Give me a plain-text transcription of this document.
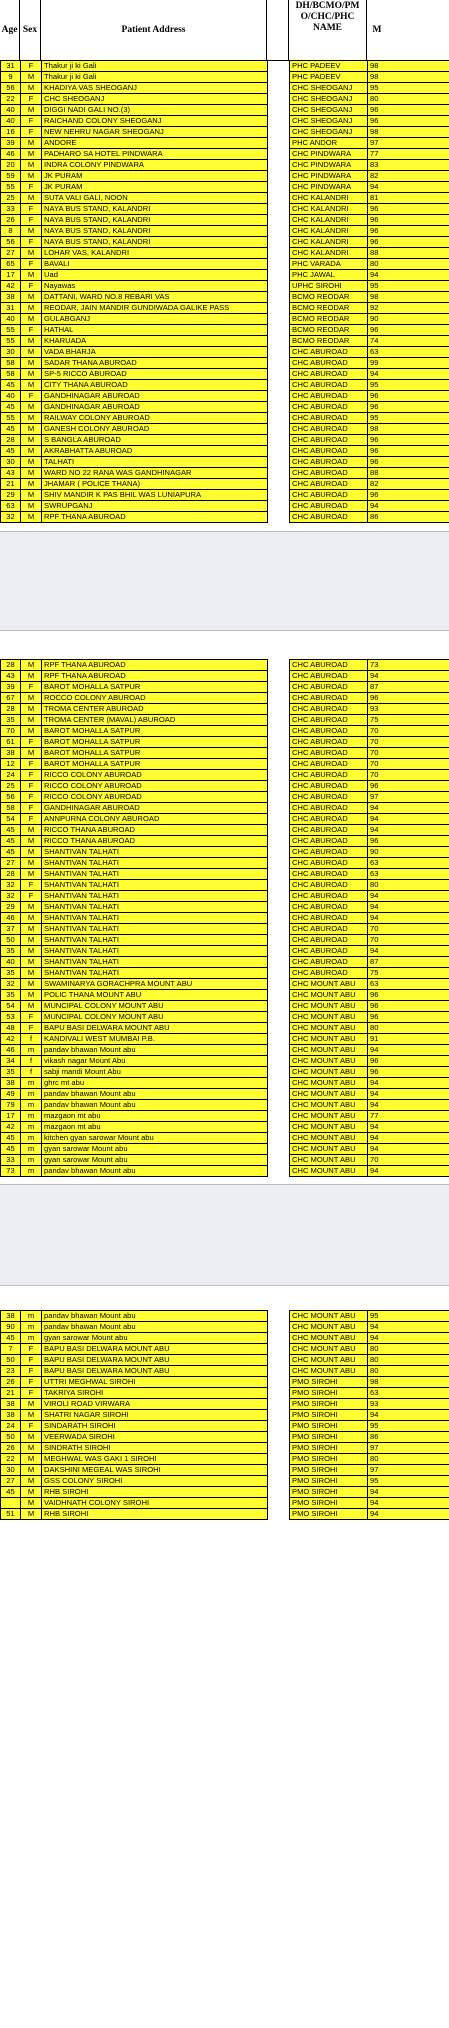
Age Sex	Patient Address
DH/BCMO/PM O/CHC/PHC NAME	M
31	F	Thakur ji ki Gali		PHC PADEEV	98
9	M	Thakur ji ki Gali		PHC PADEEV	98
56	M	KHADIYA VAS SHEOGANJ		CHC SHEOGANJ	95
22	F	CHC SHEOGANJ		CHC SHEOGANJ	80
40	M	DIGGI NADI GALI NO.(3)		CHC SHEOGANJ	96
40	F	RAICHAND COLONY SHEOGANJ		CHC SHEOGANJ	96
16	F	NEW NEHRU NAGAR SHEOGANJ		CHC SHEOGANJ	98
39	M	ANDORE		PHC ANDOR	97
46	M	PADHARO SA HOTEL PINDWARA		CHC PINDWARA	77
20	M	INDRA COLONY PINDWARA		CHC PINDWARA	83
59	M	JK PURAM		CHC PINDWARA	82
55	F	JK PURAM		CHC PINDWARA	94
25	M	SUTA VALI GALI, NOON		CHC KALANDRI	81
33	F	NAYA BUS STAND, KALANDRI		CHC KALANDRI	96
26	F	NAYA BUS STAND, KALANDRI		CHC KALANDRI	96
8	M	NAYA BUS STAND, KALANDRI		CHC KALANDRI	96
56	F	NAYA BUS STAND, KALANDRI		CHC KALANDRI	96
27	M	LOHAR VAS, KALANDRI		CHC KALANDRI	88
65	F	BAVALI		PHC VARADA	80
17	M	Uad		PHC JAWAL	94
42	F	Nayawas		UPHC SIROHI	95
38	M	DATTANI, WARD NO.8 REBARI VAS		BCMO REODAR	98
31	M	REODAR, JAIN MANDIR GUNDIWADA GALIKE PASS		BCMO REODAR	92
40	M	GULABGANJ		BCMO REODAR	90
55	F	HATHAL		BCMO REODAR	96
55	M	KHARUADA		BCMO REODAR	74
30	M	VADA BHARJA		CHC ABUROAD	63
58	M	SADAR THANA ABUROAD		CHC ABUROAD	99
58	M	SP-5 RICCO ABUROAD		CHC ABUROAD	94
45	M	CITY THANA ABUROAD		CHC ABUROAD	95
40	F	GANDHINAGAR ABUROAD		CHC ABUROAD	96
45	M	GANDHINAGAR ABUROAD		CHC ABUROAD	96
55	M	RAILWAY COLONY ABUROAD		CHC ABUROAD	95
45	M	GANESH COLONY ABUROAD		CHC ABUROAD	98
28	M	S BANGLA ABUROAD		CHC ABUROAD	96
45	M	AKRABHATTA ABUROAD		CHC ABUROAD	96
30	M	TALHATI		CHC ABUROAD	96
43	M	WARD NO 22 RANA WAS GANDHINAGAR		CHC ABUROAD	88
21	M	JHAMAR ( POLICE THANA)		CHC ABUROAD	82
29	M	SHIV MANDIR K PAS BHIL WAS LUNIAPURA		CHC ABUROAD	96
63	M	SWRUPGANJ		CHC ABUROAD	94
32	M	RPF THANA ABUROAD		CHC ABUROAD	86
28	M	RPF THANA ABUROAD		CHC ABUROAD	73
43	M	RPF THANA ABUROAD		CHC ABUROAD	94
39	F	BAROT MOHALLA SATPUR		CHC ABUROAD	87
67	M	ROCCO COLONY ABUROAD		CHC ABUROAD	96
28	M	TROMA CENTER ABUROAD		CHC ABUROAD	93
35	M	TROMA CENTER (MAVAL) ABUROAD		CHC ABUROAD	75
70	M	BAROT MOHALLA SATPUR		CHC ABUROAD	70
61	F	BAROT MOHALLA SATPUR		CHC ABUROAD	70
38	M	BAROT MOHALLA SATPUR		CHC ABUROAD	70
12	F	BAROT MOHALLA SATPUR		CHC ABUROAD	70
24	F	RICCO COLONY ABUROAD		CHC ABUROAD	70
25	F	RICCO COLONY ABUROAD		CHC ABUROAD	96
56	F	RICCO COLONY ABUROAD		CHC ABUROAD	97
58	F	GANDHINAGAR ABUROAD		CHC ABUROAD	94
54	F	ANNPURNA COLONY ABUROAD		CHC ABUROAD	94
45	M	RICCO THANA ABUROAD		CHC ABUROAD	94
45	M	RICCO THANA ABUROAD		CHC ABUROAD	96
45	M	SHANTIVAN TALHATI		CHC ABUROAD	90
27	M	SHANTIVAN TALHATI		CHC ABUROAD	63
28	M	SHANTIVAN TALHATI		CHC ABUROAD	63
32	F	SHANTIVAN TALHATI		CHC ABUROAD	80
32	F	SHANTIVAN TALHATI		CHC ABUROAD	94
29	M	SHANTIVAN TALHATI		CHC ABUROAD	94
46	M	SHANTIVAN TALHATI		CHC ABUROAD	94
37	M	SHANTIVAN TALHATI		CHC ABUROAD	70
50	M	SHANTIVAN TALHATI		CHC ABUROAD	70
35	M	SHANTIVAN TALHATI		CHC ABUROAD	94
40	M	SHANTIVAN TALHATI		CHC ABUROAD	87
35	M	SHANTIVAN TALHATI		CHC ABUROAD	75
32	M	SWAMINARYA GORACHPRA MOUNT ABU		CHC MOUNT ABU	63
35	M	POLIC THANA MOUNT ABU		CHC MOUNT ABU	96
54	M	MUNCIPAL COLONY MOUNT ABU		CHC MOUNT ABU	96
53	F	MUNCIPAL COLONY MOUNT ABU		CHC MOUNT ABU	96
48	F	BAPU BASI DELWARA MOUNT ABU		CHC MOUNT ABU	80
42	f	KANDIVALI WEST MUMBAI P.B.		CHC MOUNT ABU	91
46	m	pandav bhawan Mount abu		CHC MOUNT ABU	94
34	f	vikash nagar Mount Abu		CHC MOUNT ABU	96
35	f	sabji mandi Mount Abu		CHC MOUNT ABU	96
38	m	ghrc mt abu		CHC MOUNT ABU	94
49	m	pandav bhawan Mount abu		CHC MOUNT ABU	94
79	m	pandav bhawan Mount abu		CHC MOUNT ABU	94
17	m	mazgaon mt abu		CHC MOUNT ABU	77
42	m	mazgaon mt abu		CHC MOUNT ABU	94
45	m	kitchen gyan sarowar Mount abu		CHC MOUNT ABU	94
45	m	gyan sarowar Mount abu		CHC MOUNT ABU	94
33	m	gyan sarowar Mount abu		CHC MOUNT ABU	70
73	m	pandav bhawan Mount abu		CHC MOUNT ABU	94
38	m	pandav bhawan Mount abu		CHC MOUNT ABU	95
90	m	pandav bhawan Mount abu		CHC MOUNT ABU	94
45	m	gyan sarowar Mount abu		CHC MOUNT ABU	94
7	F	BAPU BASI DELWARA MOUNT ABU		CHC MOUNT ABU	80
50	F	BAPU BASI DELWARA MOUNT ABU		CHC MOUNT ABU	80
23	F	BAPU BASI DELWARA MOUNT ABU		CHC MOUNT ABU	80
26	F	UTTRI MEGHWAL SIROHI		PMO SIROHI	98
21	F	TAKRIYA SIROHI		PMO SIROHI	63
38	M	VIROLI ROAD VIRWARA		PMO SIROHI	93
38	M	SHATRI NAGAR SIROHI		PMO SIROHI	94
24	F	SINDARATH SIROHI		PMO SIROHI	95
50	M	VEERWADA SIROHI		PMO SIROHI	86
26	M	SINDRATH SIROHI		PMO SIROHI	97
22	M	MEGHWAL WAS GAKI 1 SIROHI		PMO SIROHI	80
30	M	DAKSHINI MEGEAL WAS SIROHI		PMO SIROHI	97
27	M	GSS COLONY SIROHI		PMO SIROHI	95
45	M	RHB SIROHI		PMO SIROHI	94
	M	VAIDHNATH COLONY SIROHI		PMO SIROHI	94
51	M	RHB SIROHI		PMO SIROHI	94
